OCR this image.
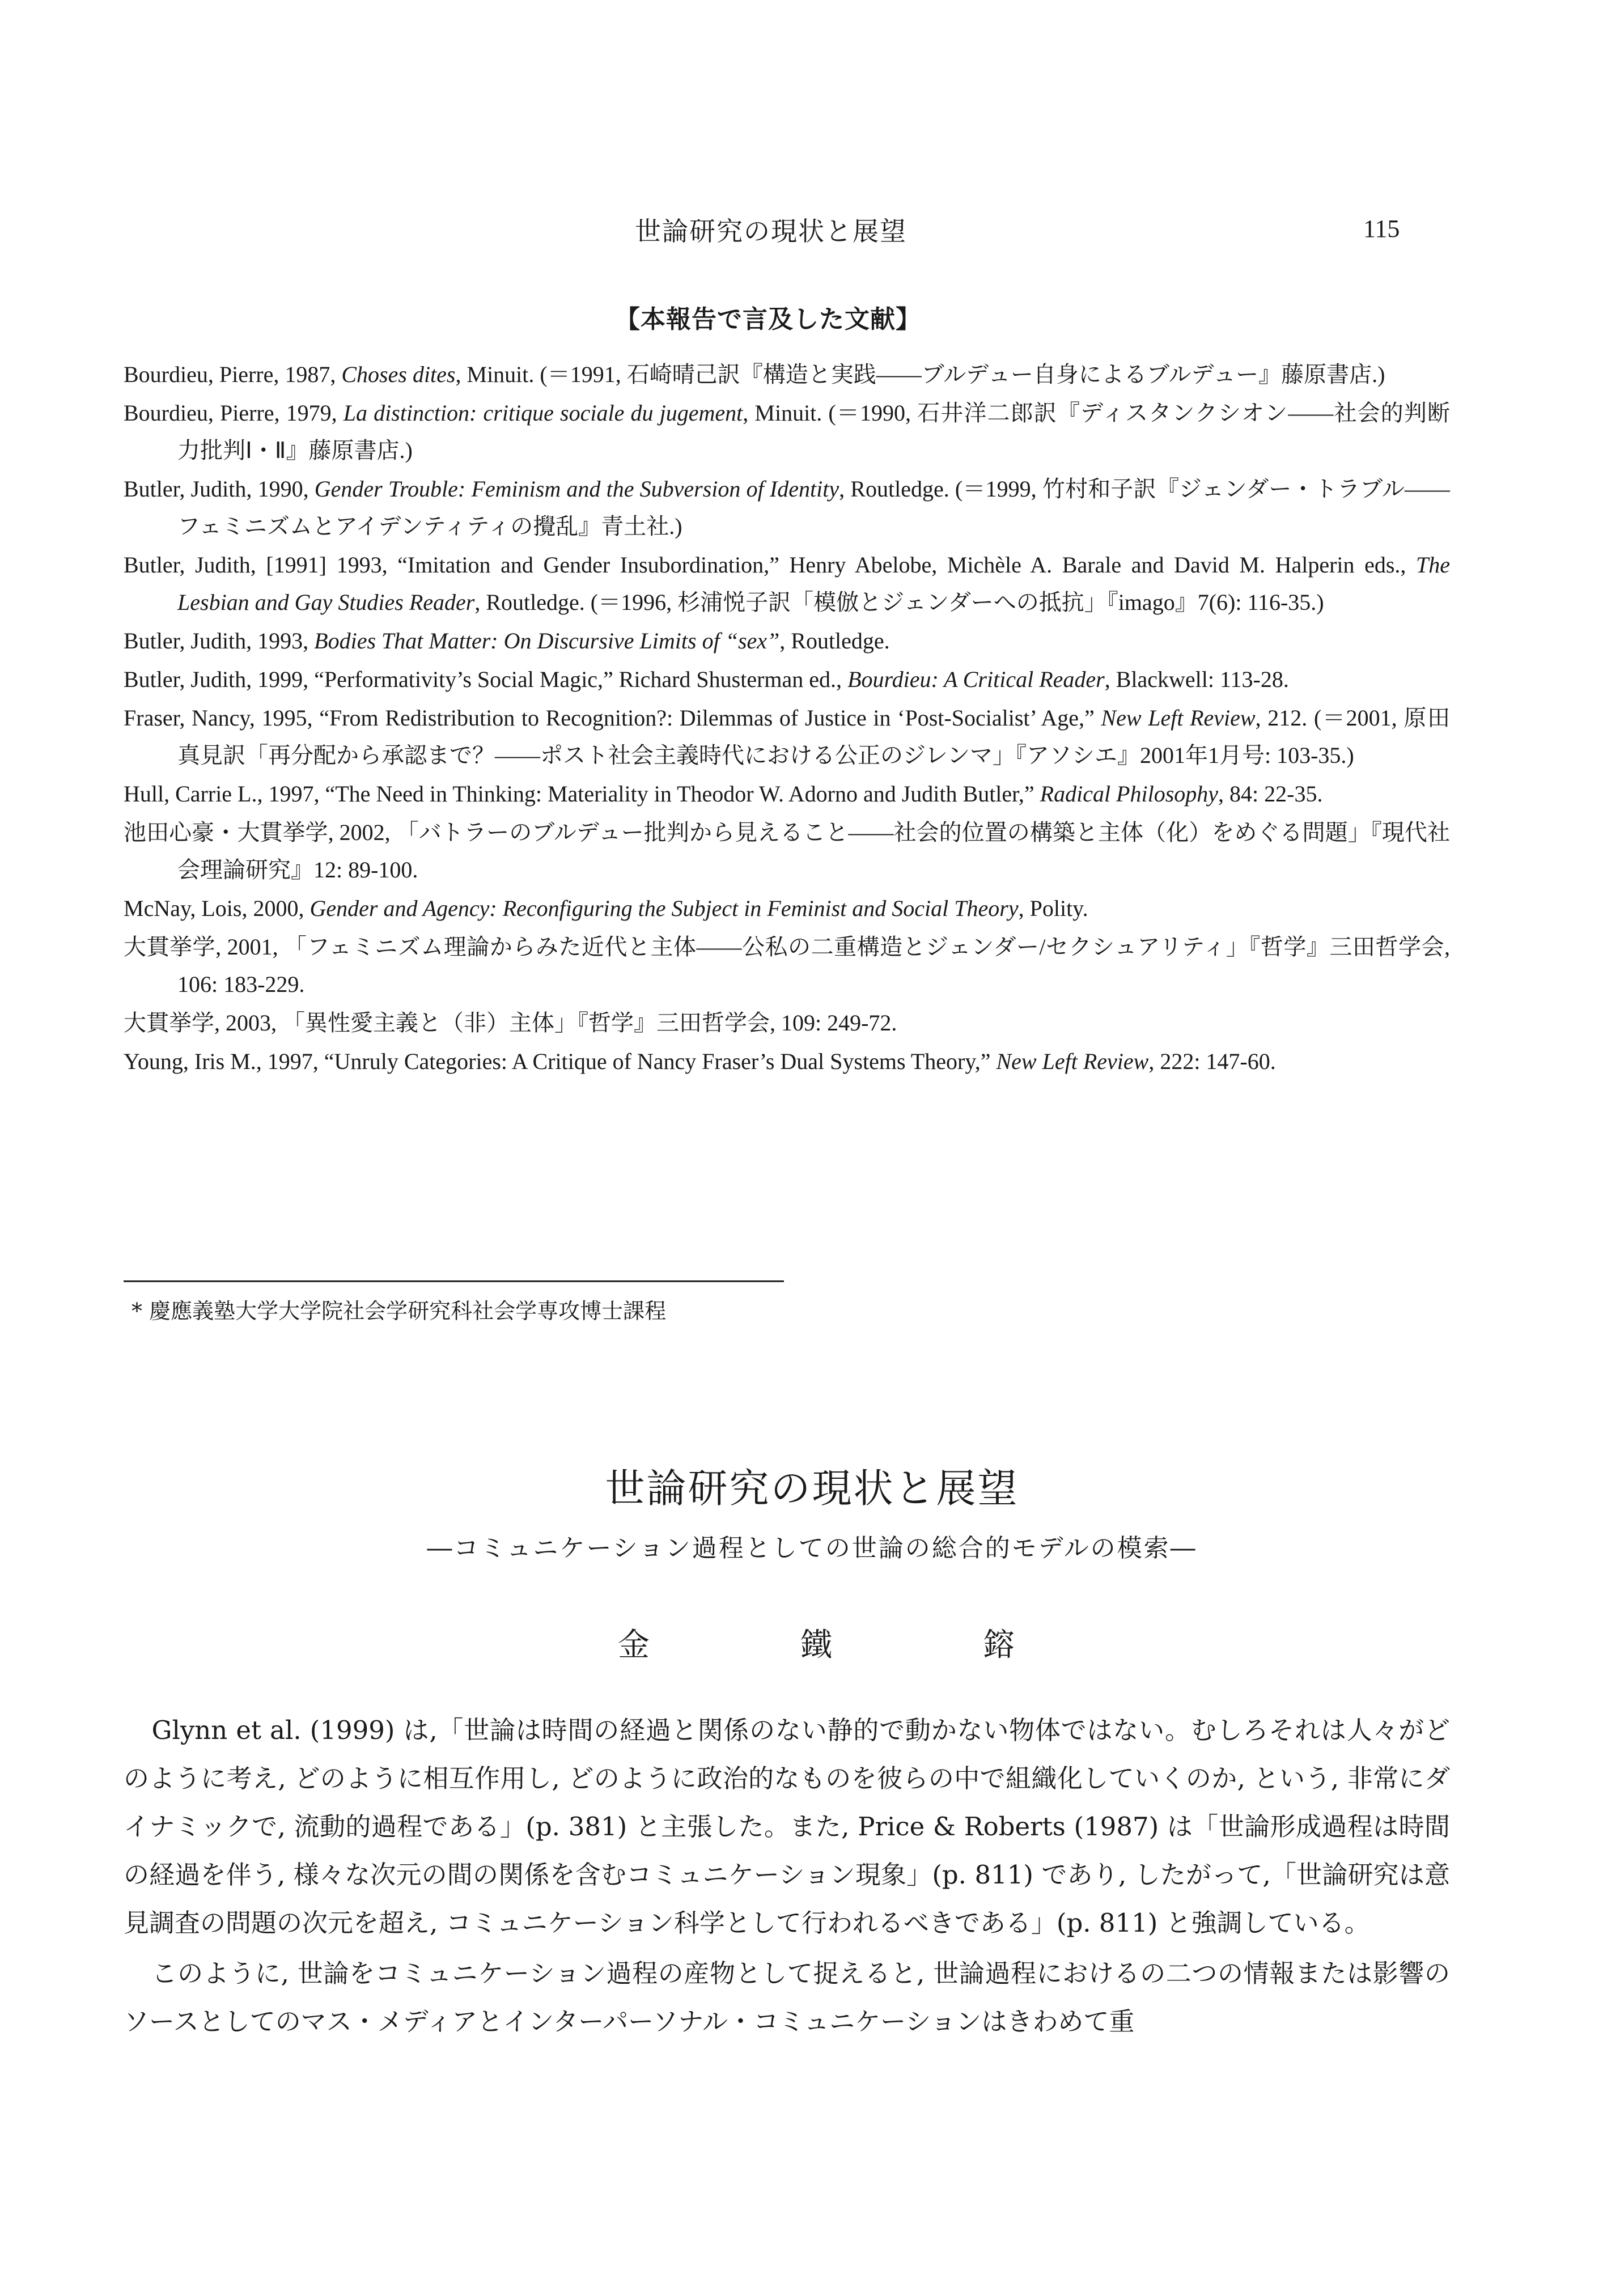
世論研究の現状と展望	115
【本報告で言及した文献】
Bourdieu, Pierre, 1987, Choses dites, Minuit. (＝1991, 石崎晴己訳『構造と実践――ブルデュー自身によるブルデュー』藤原書店.)
Bourdieu, Pierre, 1979, La distinction: critique sociale du jugement, Minuit. (＝1990, 石井洋二郎訳『ディスタンクシオン――社会的判断力批判Ⅰ・Ⅱ』藤原書店.)
Butler, Judith, 1990, Gender Trouble: Feminism and the Subversion of Identity, Routledge. (＝1999, 竹村和子訳『ジェンダー・トラブル――フェミニズムとアイデンティティの攪乱』青土社.)
Butler, Judith, [1991] 1993, “Imitation and Gender Insubordination,” Henry Abelobe, Michèle A. Barale and David M. Halperin eds., The Lesbian and Gay Studies Reader, Routledge. (＝1996, 杉浦悦子訳「模倣とジェンダーへの抵抗」『imago』7(6): 116-35.)
Butler, Judith, 1993, Bodies That Matter: On Discursive Limits of “sex”, Routledge.
Butler, Judith, 1999, “Performativity’s Social Magic,” Richard Shusterman ed., Bourdieu: A Critical Reader, Blackwell: 113-28.
Fraser, Nancy, 1995, “From Redistribution to Recognition?: Dilemmas of Justice in ‘Post-Socialist’ Age,” New Left Review, 212. (＝2001, 原田真見訳「再分配から承認まで？――ポスト社会主義時代における公正のジレンマ」『アソシエ』2001年1月号: 103-35.)
Hull, Carrie L., 1997, “The Need in Thinking: Materiality in Theodor W. Adorno and Judith Butler,” Radical Philosophy, 84: 22-35.
池田心豪・大貫挙学, 2002, 「バトラーのブルデュー批判から見えること――社会的位置の構築と主体（化）をめぐる問題」『現代社会理論研究』12: 89-100.
McNay, Lois, 2000, Gender and Agency: Reconfiguring the Subject in Feminist and Social Theory, Polity.
大貫挙学, 2001, 「フェミニズム理論からみた近代と主体――公私の二重構造とジェンダー/セクシュアリティ」『哲学』三田哲学会, 106: 183-229.
大貫挙学, 2003, 「異性愛主義と（非）主体」『哲学』三田哲学会, 109: 249-72.
Young, Iris M., 1997, “Unruly Categories: A Critique of Nancy Fraser’s Dual Systems Theory,” New Left Review, 222: 147-60.
* 慶應義塾大学大学院社会学研究科社会学専攻博士課程
世論研究の現状と展望
―コミュニケーション過程としての世論の総合的モデルの模索―
金	鐵	鎔

Glynn et al. (1999) は,「世論は時間の経過と関係のない静的で動かない物体ではない。むしろそれは人々がどのように考え, どのように相互作用し, どのように政治的なものを彼らの中で組織化していくのか, という, 非常にダイナミックで, 流動的過程である」(p. 381) と主張した。また, Price & Roberts (1987) は「世論形成過程は時間の経過を伴う, 様々な次元の間の関係を含むコミュニケーション現象」(p. 811) であり, したがって,「世論研究は意見調査の問題の次元を超え, コミュニケーション科学として行われるべきである」(p. 811) と強調している。

このように, 世論をコミュニケーション過程の産物として捉えると, 世論過程におけるの二つの情報または影響のソースとしてのマス・メディアとインターパーソナル・コミュニケーションはきわめて重
